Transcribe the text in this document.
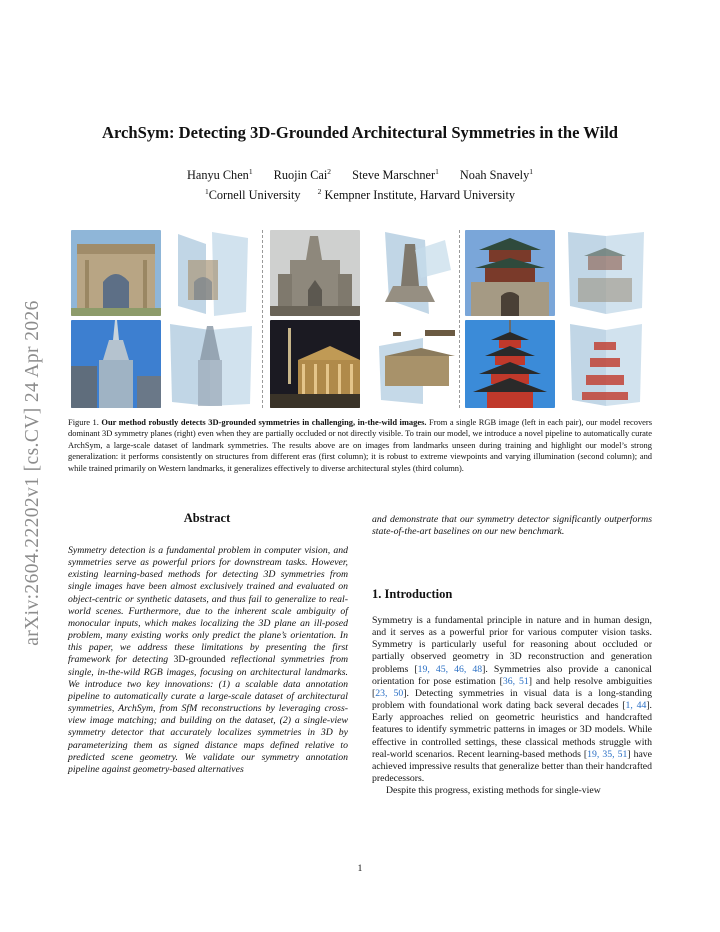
arXiv:2604.22202v1 [cs.CV] 24 Apr 2026
ArchSym: Detecting 3D-Grounded Architectural Symmetries in the Wild
Hanyu Chen$^1$ Ruojin Cai$^2$ Steve Marschner$^1$ Noah Snavely$^1$
$^1$Cornell University $^2$ Kempner Institute, Harvard University
Figure 1. Our method robustly detects 3D-grounded symmetries in challenging, in-the-wild images. From a single RGB image (left in each pair), our model recovers dominant 3D symmetry planes (right) even when they are partially occluded or not directly visible. To train our model, we introduce a novel pipeline to automatically curate ArchSym, a large-scale dataset of landmark symmetries. The results above are on images from landmarks unseen during training and highlight our model’s strong generalization: it performs consistently on structures from different eras (first column); it is robust to extreme viewpoints and varying illumination (second column); and while trained primarily on Western landmarks, it generalizes effectively to diverse architectural styles (third column).
Abstract
Symmetry detection is a fundamental problem in computer vision, and symmetries serve as powerful priors for downstream tasks. However, existing learning-based methods for detecting 3D symmetries from single images have been almost exclusively trained and evaluated on object-centric or synthetic datasets, and thus fail to generalize to real-world scenes. Furthermore, due to the inherent scale ambiguity of monocular inputs, which makes localizing the 3D plane an ill-posed problem, many existing works only predict the plane’s orientation. In this paper, we address these limitations by presenting the first framework for detecting 3D-grounded reflectional symmetries from single, in-the-wild RGB images, focusing on architectural landmarks. We introduce two key innovations: (1) a scalable data annotation pipeline to automatically curate a large-scale dataset of architectural symmetries, ArchSym, from SfM reconstructions by leveraging cross-view image matching; and building on the dataset, (2) a single-view symmetry detector that accurately localizes symmetries in 3D by parameterizing them as signed distance maps defined relative to predicted scene geometry. We validate our symmetry annotation pipeline against geometry-based alternatives
and demonstrate that our symmetry detector significantly outperforms state-of-the-art baselines on our new benchmark.
1. Introduction
Symmetry is a fundamental principle in nature and in human design, and it serves as a powerful prior for various computer vision tasks. Symmetry is particularly useful for reasoning about occluded or partially observed geometry in 3D reconstruction and generation problems [19, 45, 46, 48]. Symmetries also provide a canonical orientation for pose estimation [36, 51] and help resolve ambiguities [23, 50]. Detecting symmetries in visual data is a long-standing problem with foundational work dating back several decades [1, 44]. Early approaches relied on geometric heuristics and handcrafted features to identify symmetric patterns in images or 3D models. While effective in controlled settings, these classical methods struggle with real-world scenarios. Recent learning-based methods [19, 35, 51] have achieved impressive results that generalize better than their handcrafted predecessors.
Despite this progress, existing methods for single-view
1
